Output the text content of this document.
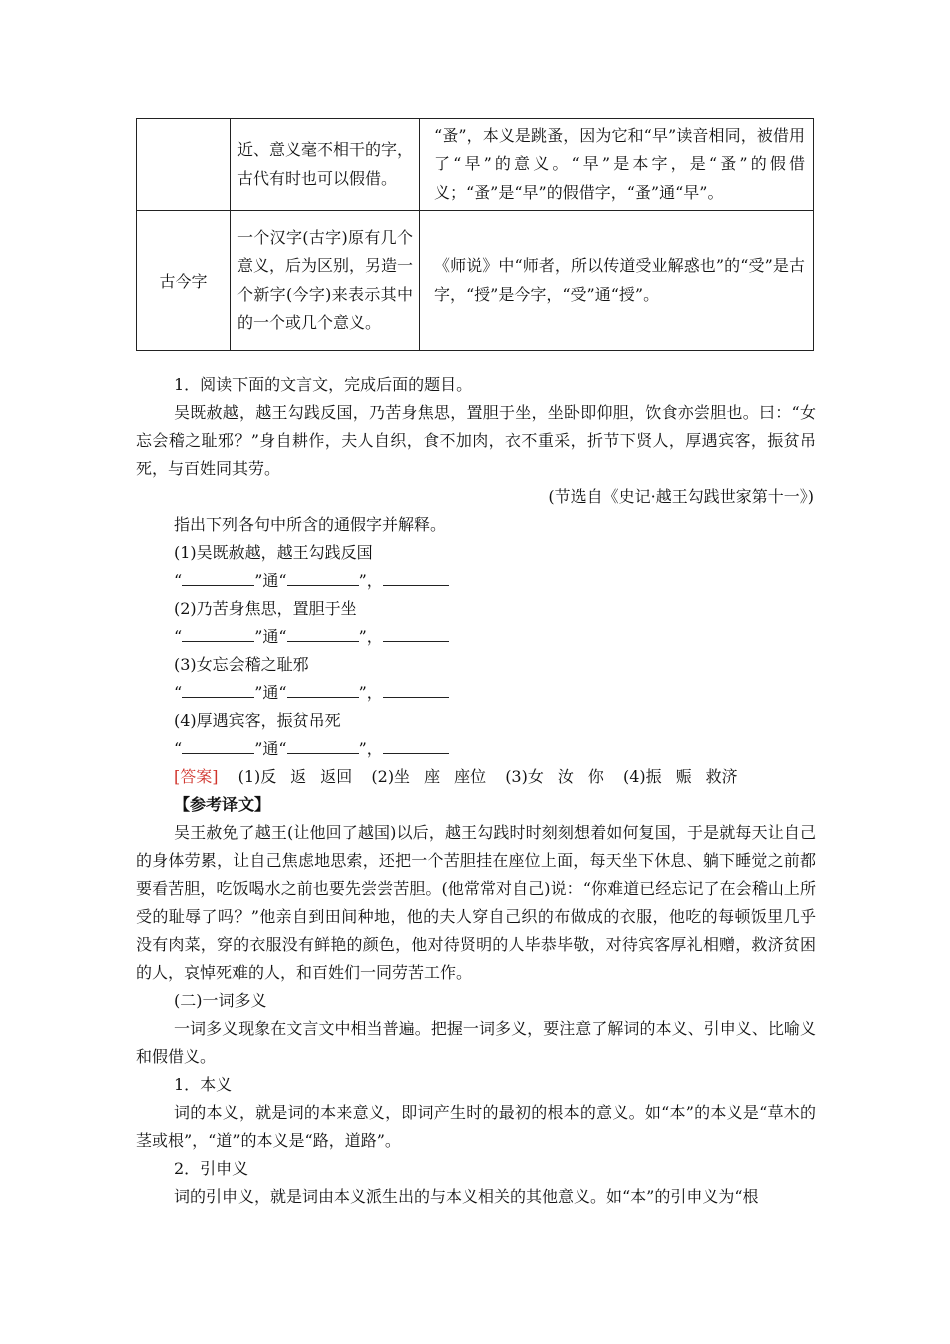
	近、意义毫不相干的字，古代有时也可以假借。	“蚤”，本义是跳蚤，因为它和“早”读音相同，被借用了“早”的意义。“早”是本字，是“蚤”的假借义；“蚤”是“早”的假借字，“蚤”通“早”。

古今字	一个汉字(古字)原有几个意义，后为区别，另造一个新字(今字)来表示其中的一个或几个意义。	《师说》中“师者，所以传道受业解惑也”的“受”是古字，“授”是今字，“受”通“授”。
1．阅读下面的文言文，完成后面的题目。
吴既赦越，越王勾践反国，乃苦身焦思，置胆于坐，坐卧即仰胆，饮食亦尝胆也。曰：“女忘会稽之耻邪？”身自耕作，夫人自织，食不加肉，衣不重采，折节下贤人，厚遇宾客，振贫吊死，与百姓同其劳。
(节选自《史记·越王勾践世家第十一》)
指出下列各句中所含的通假字并解释。
(1)吴既赦越，越王勾践反国
“	”通“	”，
(2)乃苦身焦思，置胆于坐
“	”通“	”，
(3)女忘会稽之耻邪
“	”通“	”，
(4)厚遇宾客，振贫吊死
“	”通“	”，
[答案] (1)反 返 返回 (2)坐 座 座位 (3)女 汝 你 (4)振 赈 救济
【参考译文】
吴王赦免了越王(让他回了越国)以后，越王勾践时时刻刻想着如何复国，于是就每天让自己的身体劳累，让自己焦虑地思索，还把一个苦胆挂在座位上面，每天坐下休息、躺下睡觉之前都要看苦胆，吃饭喝水之前也要先尝尝苦胆。(他常常对自己)说：“你难道已经忘记了在会稽山上所受的耻辱了吗？”他亲自到田间种地，他的夫人穿自己织的布做成的衣服，他吃的每顿饭里几乎没有肉菜，穿的衣服没有鲜艳的颜色，他对待贤明的人毕恭毕敬，对待宾客厚礼相赠，救济贫困的人，哀悼死难的人，和百姓们一同劳苦工作。
(二)一词多义
一词多义现象在文言文中相当普遍。把握一词多义，要注意了解词的本义、引申义、比喻义和假借义。
1．本义
词的本义，就是词的本来意义，即词产生时的最初的根本的意义。如“本”的本义是“草木的茎或根”，“道”的本义是“路，道路”。
2．引申义
词的引申义，就是词由本义派生出的与本义相关的其他意义。如“本”的引申义为“根
